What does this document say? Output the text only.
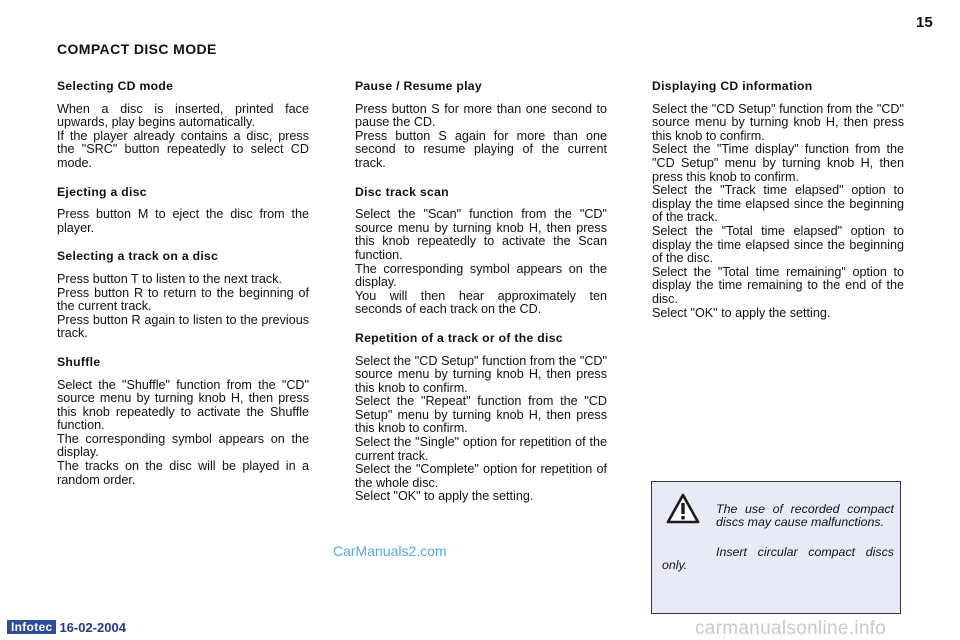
15
COMPACT DISC MODE

Selecting CD mode

When a disc is inserted, printed face upwards, play begins automatically.

If the player already contains a disc, press the "SRC" button repeatedly to select CD mode.

Ejecting a disc

Press button M to eject the disc from the player.

Selecting a track on a disc

Press button T to listen to the next track.

Press button R to return to the beginning of the current track.

Press button R again to listen to the previous track.

Shuffle

Select the "Shuffle" function from the "CD" source menu by turning knob H, then press this knob repeatedly to activate the Shuffle function.

The corresponding symbol appears on the display.

The tracks on the disc will be played in a random order.

Pause / Resume play

Press button S for more than one second to pause the CD.

Press button S again for more than one second to resume playing of the current track.

Disc track scan

Select the "Scan" function from the "CD" source menu by turning knob H, then press this knob repeatedly to activate the Scan function.

The corresponding symbol appears on the display.

You will then hear approximately ten seconds of each track on the CD.

Repetition of a track or of the disc

Select the "CD Setup" function from the "CD" source menu by turning knob H, then press this knob to confirm.

Select the "Repeat" function from the "CD Setup" menu by turning knob H, then press this knob to confirm.

Select the "Single" option for repetition of the current track.

Select the "Complete" option for repetition of the whole disc.

Select "OK" to apply the setting.

Displaying CD information

Select the "CD Setup" function from the "CD" source menu by turning knob H, then press this knob to confirm.

Select the "Time display" function from the "CD Setup" menu by turning knob H, then press this knob to confirm.

Select the "Track time elapsed" option to display the time elapsed since the beginning of the track.

Select the "Total time elapsed" option to display the time elapsed since the beginning of the disc.

Select the "Total time remaining" option to display the time remaining to the end of the disc.

Select "OK" to apply the setting.

The use of recorded compact discs may cause malfunctions.

Insert circular compact discs only.

CarManuals2.com
Infotec 16-02-2004	carmanualsonline.info
